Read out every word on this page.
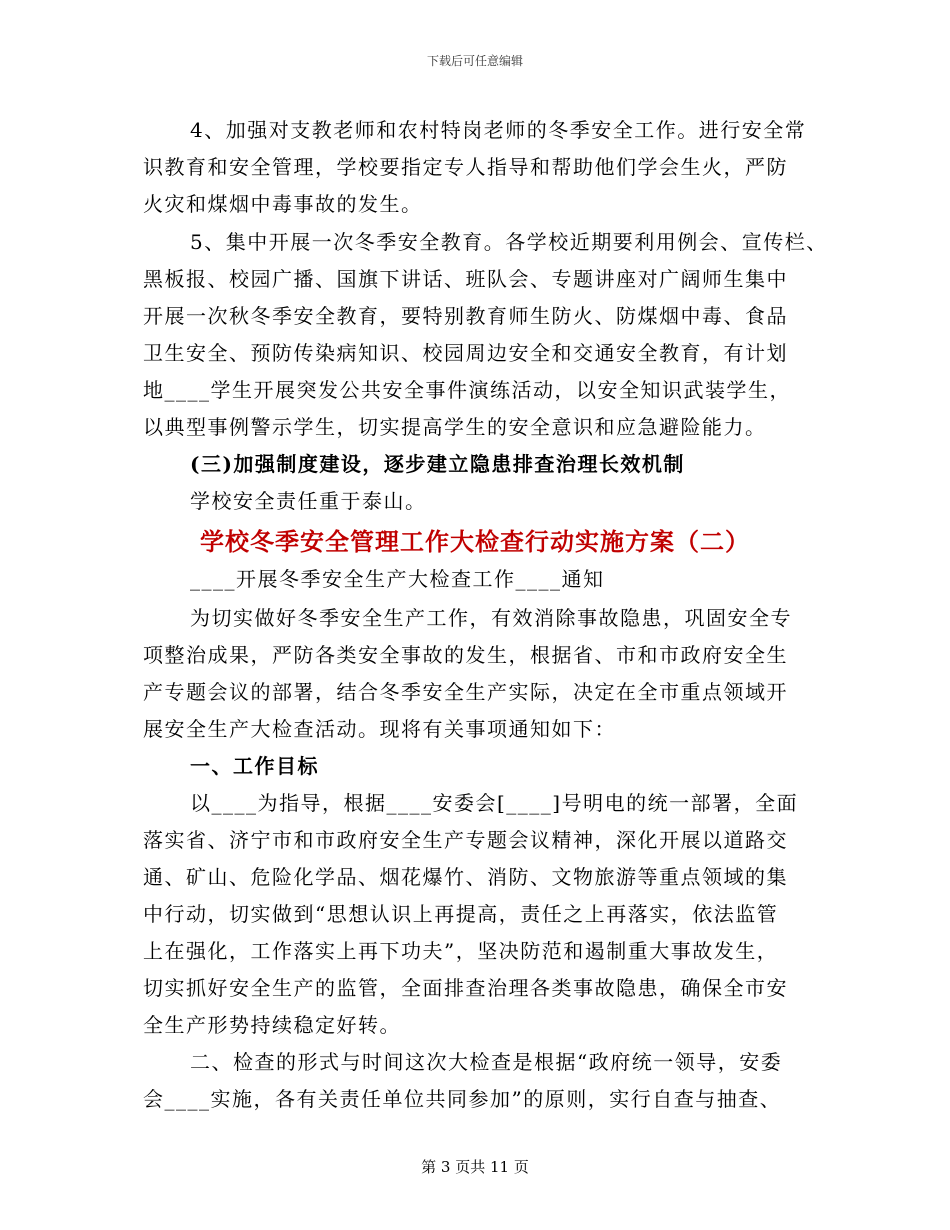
下载后可任意编辑
4、加强对支教老师和农村特岗老师的冬季安全工作。进行安全常
识教育和安全管理，学校要指定专人指导和帮助他们学会生火，严防
火灾和煤烟中毒事故的发生。
5、集中开展一次冬季安全教育。各学校近期要利用例会、宣传栏、
黑板报、校园广播、国旗下讲话、班队会、专题讲座对广阔师生集中
开展一次秋冬季安全教育，要特别教育师生防火、防煤烟中毒、食品
卫生安全、预防传染病知识、校园周边安全和交通安全教育，有计划
地____学生开展突发公共安全事件演练活动，以安全知识武装学生，
以典型事例警示学生，切实提高学生的安全意识和应急避险能力。
(三)加强制度建设，逐步建立隐患排查治理长效机制
学校安全责任重于泰山。
学校冬季安全管理工作大检查行动实施方案（二）
____开展冬季安全生产大检查工作____通知
为切实做好冬季安全生产工作，有效消除事故隐患，巩固安全专
项整治成果，严防各类安全事故的发生，根据省、市和市政府安全生
产专题会议的部署，结合冬季安全生产实际，决定在全市重点领域开
展安全生产大检查活动。现将有关事项通知如下：
一、工作目标
以____为指导，根据____安委会[____]号明电的统一部署，全面
落实省、济宁市和市政府安全生产专题会议精神，深化开展以道路交
通、矿山、危险化学品、烟花爆竹、消防、文物旅游等重点领域的集
中行动，切实做到“思想认识上再提高，责任之上再落实，依法监管
上在强化，工作落实上再下功夫”，坚决防范和遏制重大事故发生，
切实抓好安全生产的监管，全面排查治理各类事故隐患，确保全市安
全生产形势持续稳定好转。
二、检查的形式与时间这次大检查是根据“政府统一领导，安委
会____实施，各有关责任单位共同参加”的原则，实行自查与抽查、
第 3 页共 11 页
